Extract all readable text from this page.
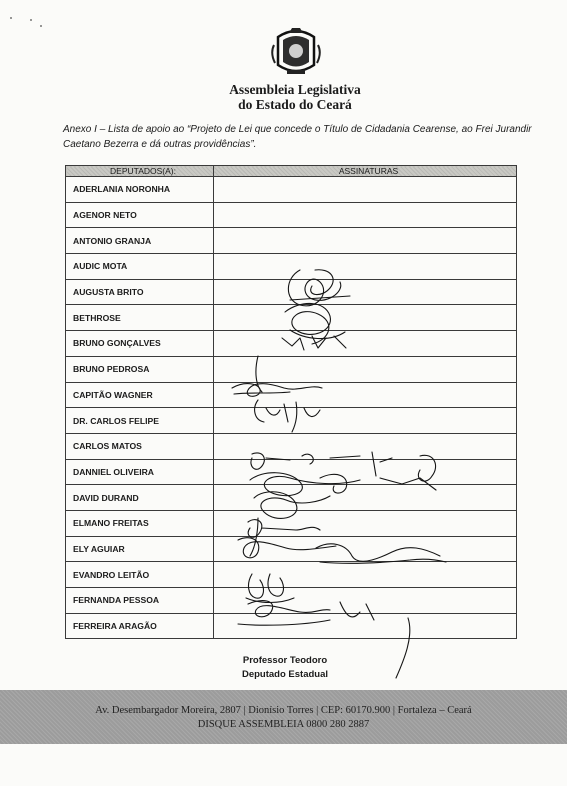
Assembleia Legislativa
do Estado do Ceará
Anexo I – Lista de apoio ao “Projeto de Lei que concede o Título de Cidadania Cearense, ao Frei Jurandir Caetano Bezerra e dá outras providências”.
DEPUTADOS(A):	ASSINATURAS
ADERLANIA NORONHA	
AGENOR NETO	
ANTONIO GRANJA	
AUDIC MOTA	
AUGUSTA BRITO	
BETHROSE	
BRUNO GONÇALVES	
BRUNO PEDROSA	
CAPITÃO WAGNER	
DR. CARLOS FELIPE	
CARLOS MATOS	
DANNIEL OLIVEIRA	
DAVID DURAND	
ELMANO FREITAS	
ELY AGUIAR	
EVANDRO LEITÃO	
FERNANDA PESSOA	
FERREIRA ARAGÃO	
Professor Teodoro
Deputado Estadual
Av. Desembargador Moreira, 2807 | Dionísio Torres | CEP: 60170.900 | Fortaleza – Ceará
DISQUE ASSEMBLEIA 0800 280 2887
